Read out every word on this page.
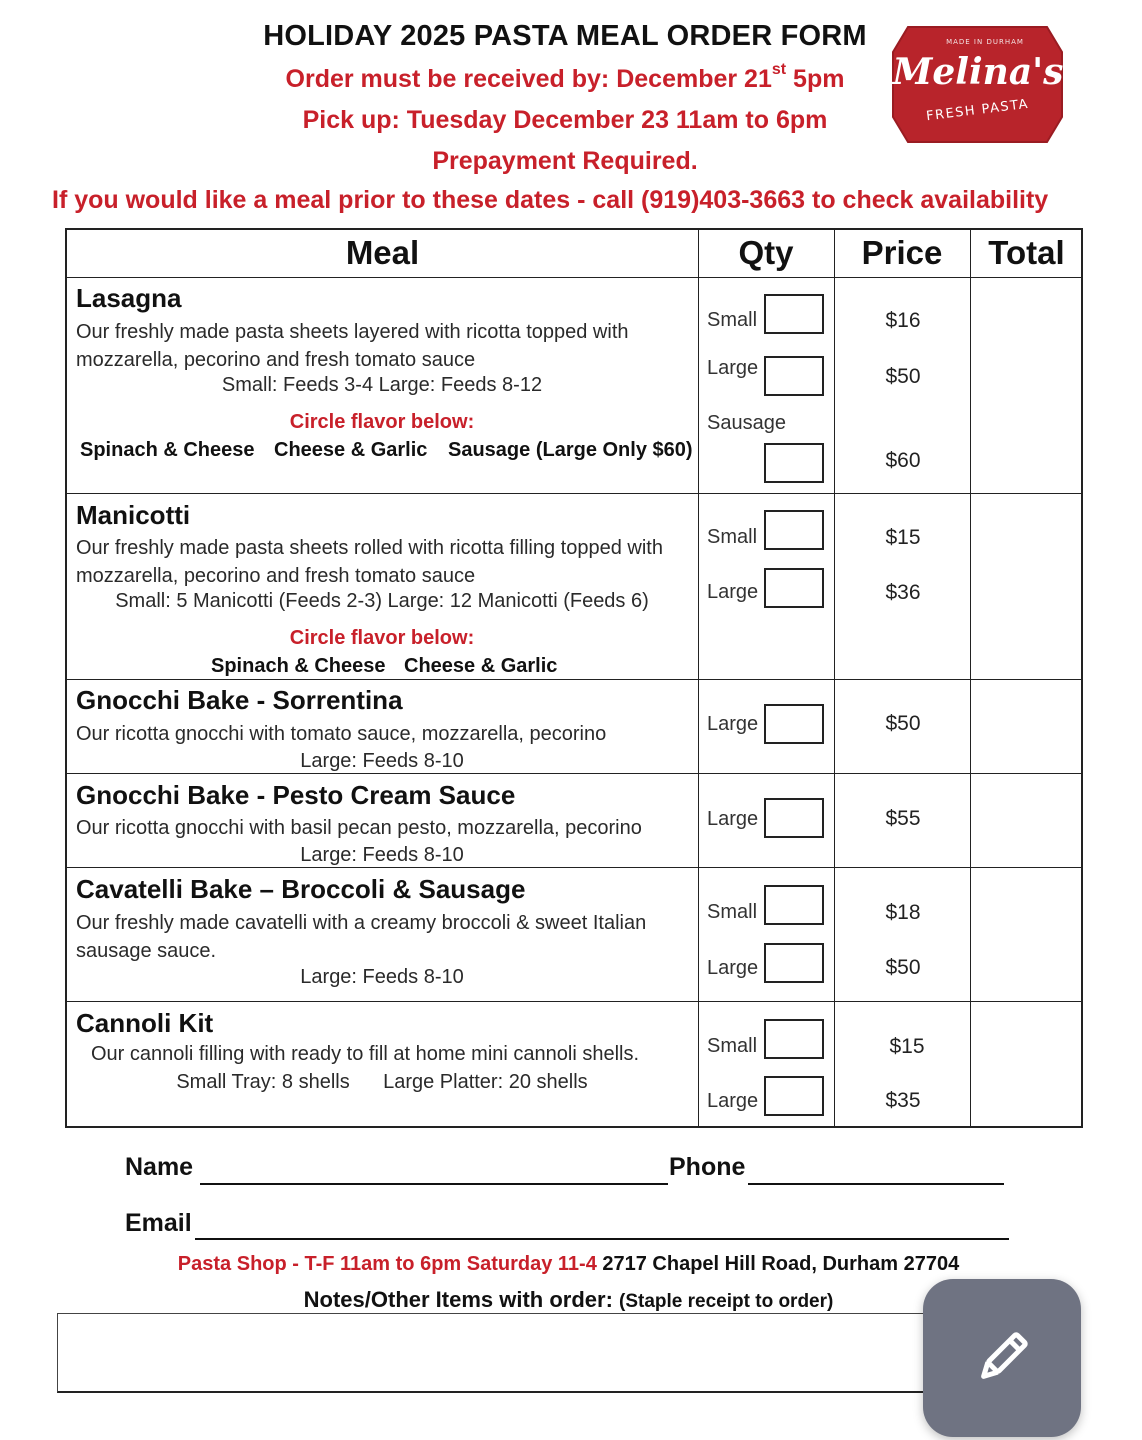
HOLIDAY 2025 PASTA MEAL ORDER FORM
Order must be received by: December 21st 5pm
Pick up: Tuesday December 23 11am to 6pm
Prepayment Required.
If you would like a meal prior to these dates - call (919)403-3663 to check availability
MADE IN DURHAM
Melina's
FRESH PASTA
Meal	Qty	Price	Total
Lasagna
Our freshly made pasta sheets layered with ricotta topped with mozzarella, pecorino and fresh tomato sauce
Small: Feeds 3-4 Large: Feeds 8-12
Circle flavor below:
Spinach & Cheese Cheese & Garlic	Sausage (Large Only $60)
Small	$16
Large	$50
Sausage
$60
Manicotti
Our freshly made pasta sheets rolled with ricotta filling topped with mozzarella, pecorino and fresh tomato sauce
Small: 5 Manicotti (Feeds 2-3) Large: 12 Manicotti (Feeds 6)
Circle flavor below:
Spinach & Cheese Cheese & Garlic
Small	$15
Large	$36
Gnocchi Bake - Sorrentina
Our ricotta gnocchi with tomato sauce, mozzarella, pecorino
Large: Feeds 8-10
Large	$50
Gnocchi Bake - Pesto Cream Sauce
Our ricotta gnocchi with basil pecan pesto, mozzarella, pecorino
Large: Feeds 8-10
Large	$55
Cavatelli Bake – Broccoli & Sausage
Our freshly made cavatelli with a creamy broccoli & sweet Italian sausage sauce.
Large: Feeds 8-10
Small	$18
Large	$50
Cannoli Kit
Our cannoli filling with ready to fill at home mini cannoli shells.
Small Tray: 8 shells      Large Platter: 20 shells
Small	$15
Large	$35
Name	Phone
Email
Pasta Shop - T-F 11am to 6pm Saturday 11-4 2717 Chapel Hill Road, Durham 27704
Notes/Other Items with order: (Staple receipt to order)
